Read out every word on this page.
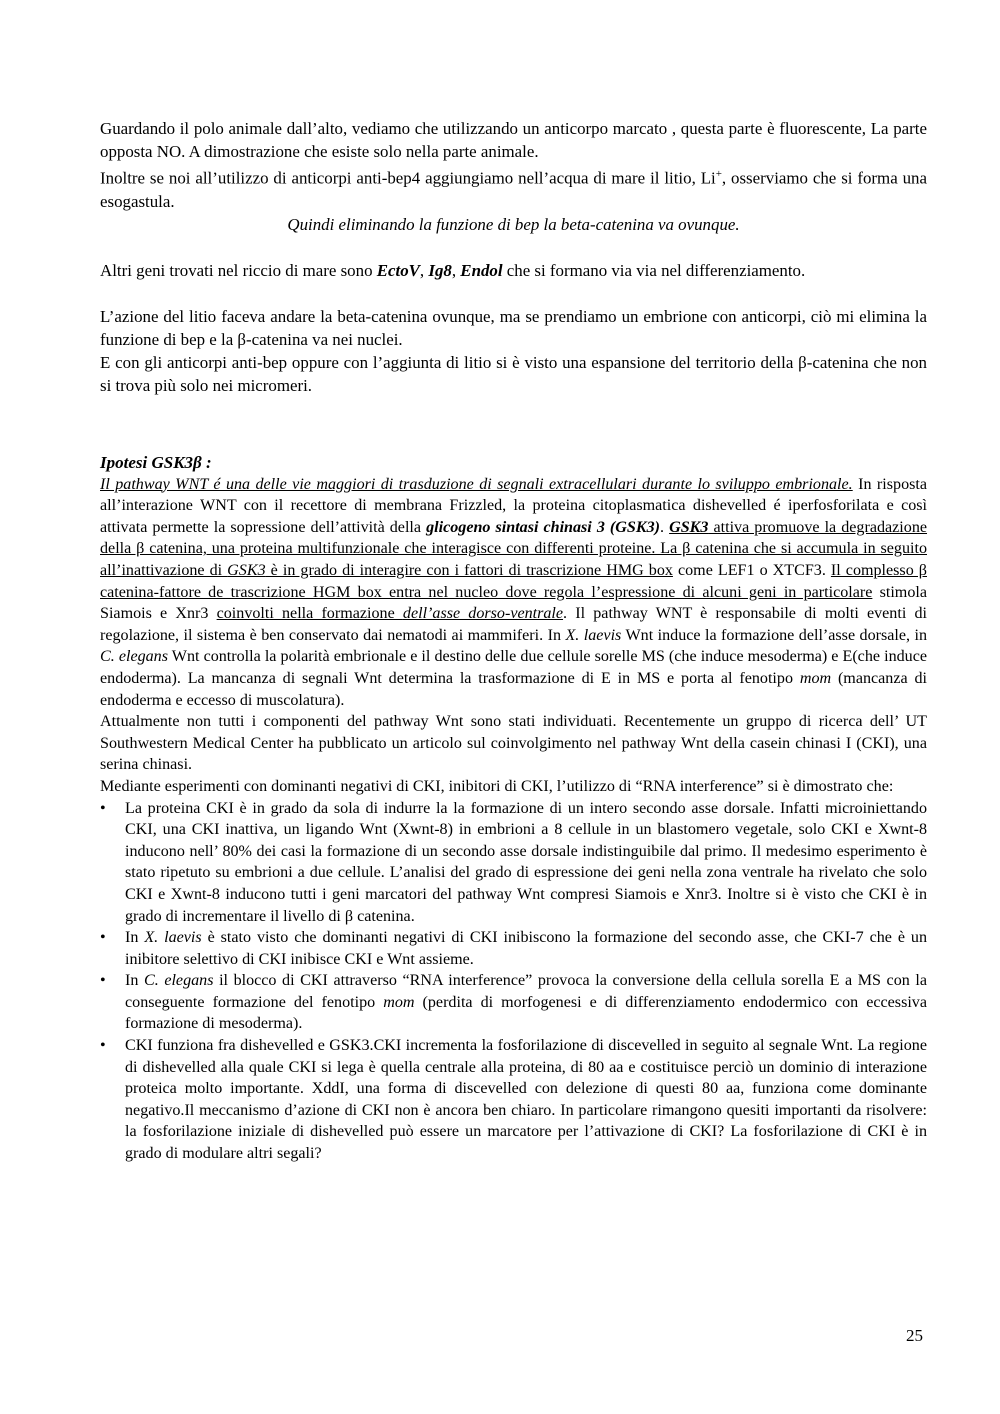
Guardando il polo animale dall’alto, vediamo che utilizzando un anticorpo marcato , questa parte è fluorescente, La parte opposta NO. A dimostrazione che esiste solo nella parte animale.

Inoltre se noi all’utilizzo di anticorpi anti-bep4 aggiungiamo nell’acqua di mare il litio, Li+, osserviamo che si forma una esogastula.

Quindi eliminando la funzione di bep la beta-catenina va ovunque.

Altri geni trovati nel riccio di mare sono EctoV, Ig8, Endol che si formano via via nel differenziamento.

L’azione del litio faceva andare la beta-catenina ovunque, ma se prendiamo un embrione con anticorpi, ciò mi elimina la funzione di bep e la β-catenina va nei nuclei.

E con gli anticorpi anti-bep oppure con l’aggiunta di litio si è visto una espansione del territorio della β-catenina che non si trova più solo nei micromeri.

Ipotesi GSK3β :

Il pathway WNT é una delle vie maggiori di trasduzione di segnali extracellulari durante lo sviluppo embrionale. In risposta all’interazione WNT con il recettore di membrana Frizzled, la proteina citoplasmatica dishevelled é iperfosforilata e così attivata permette la sopressione dell’attività della glicogeno sintasi chinasi 3 (GSK3). GSK3 attiva promuove la degradazione della β catenina, una proteina multifunzionale che interagisce con differenti proteine. La β catenina che si accumula in seguito all’inattivazione di GSK3 è in grado di interagire con i fattori di trascrizione HMG box come LEF1 o XTCF3. Il complesso β catenina-fattore de trascrizione HGM box entra nel nucleo dove regola l’espressione di alcuni geni in particolare stimola Siamois e Xnr3 coinvolti nella formazione dell’asse dorso-ventrale. Il pathway WNT è responsabile di molti eventi di regolazione, il sistema è ben conservato dai nematodi ai mammiferi. In X. laevis Wnt induce la formazione dell’asse dorsale, in C. elegans Wnt controlla la polarità embrionale e il destino delle due cellule sorelle MS (che induce mesoderma) e E(che induce endoderma). La mancanza di segnali Wnt determina la trasformazione di E in MS e porta al fenotipo mom (mancanza di endoderma e eccesso di muscolatura).

Attualmente non tutti i componenti del pathway Wnt sono stati individuati. Recentemente un gruppo di ricerca dell’ UT Southwestern Medical Center ha pubblicato un articolo sul coinvolgimento nel pathway Wnt della casein chinasi I (CKI), una serina chinasi.

Mediante esperimenti con dominanti negativi di CKI, inibitori di CKI, l’utilizzo di “RNA interference” si è dimostrato che:

• La proteina CKI è in grado da sola di indurre la la formazione di un intero secondo asse dorsale. Infatti microiniettando CKI, una CKI inattiva, un ligando Wnt (Xwnt-8) in embrioni a 8 cellule in un blastomero vegetale, solo CKI e Xwnt-8 inducono nell’ 80% dei casi la formazione di un secondo asse dorsale indistinguibile dal primo. Il medesimo esperimento è stato ripetuto su embrioni a due cellule. L’analisi del grado di espressione dei geni nella zona ventrale ha rivelato che solo CKI e Xwnt-8 inducono tutti i geni marcatori del pathway Wnt compresi Siamois e Xnr3. Inoltre si è visto che CKI è in grado di incrementare il livello di β catenina.
• In X. laevis è stato visto che dominanti negativi di CKI inibiscono la formazione del secondo asse, che CKI-7 che è un inibitore selettivo di CKI inibisce CKI e Wnt assieme.
• In C. elegans il blocco di CKI attraverso “RNA interference” provoca la conversione della cellula sorella E a MS con la conseguente formazione del fenotipo mom (perdita di morfogenesi e di differenziamento endodermico con eccessiva formazione di mesoderma).
• CKI funziona fra dishevelled e GSK3.CKI incrementa la fosforilazione di discevelled in seguito al segnale Wnt. La regione di dishevelled alla quale CKI si lega è quella centrale alla proteina, di 80 aa e costituisce perciò un dominio di interazione proteica molto importante. XddI, una forma di discevelled con delezione di questi 80 aa, funziona come dominante negativo.Il meccanismo d’azione di CKI non è ancora ben chiaro. In particolare rimangono quesiti importanti da risolvere: la fosforilazione iniziale di dishevelled può essere un marcatore per l’attivazione di CKI? La fosforilazione di CKI è in grado di modulare altri segali?
25
